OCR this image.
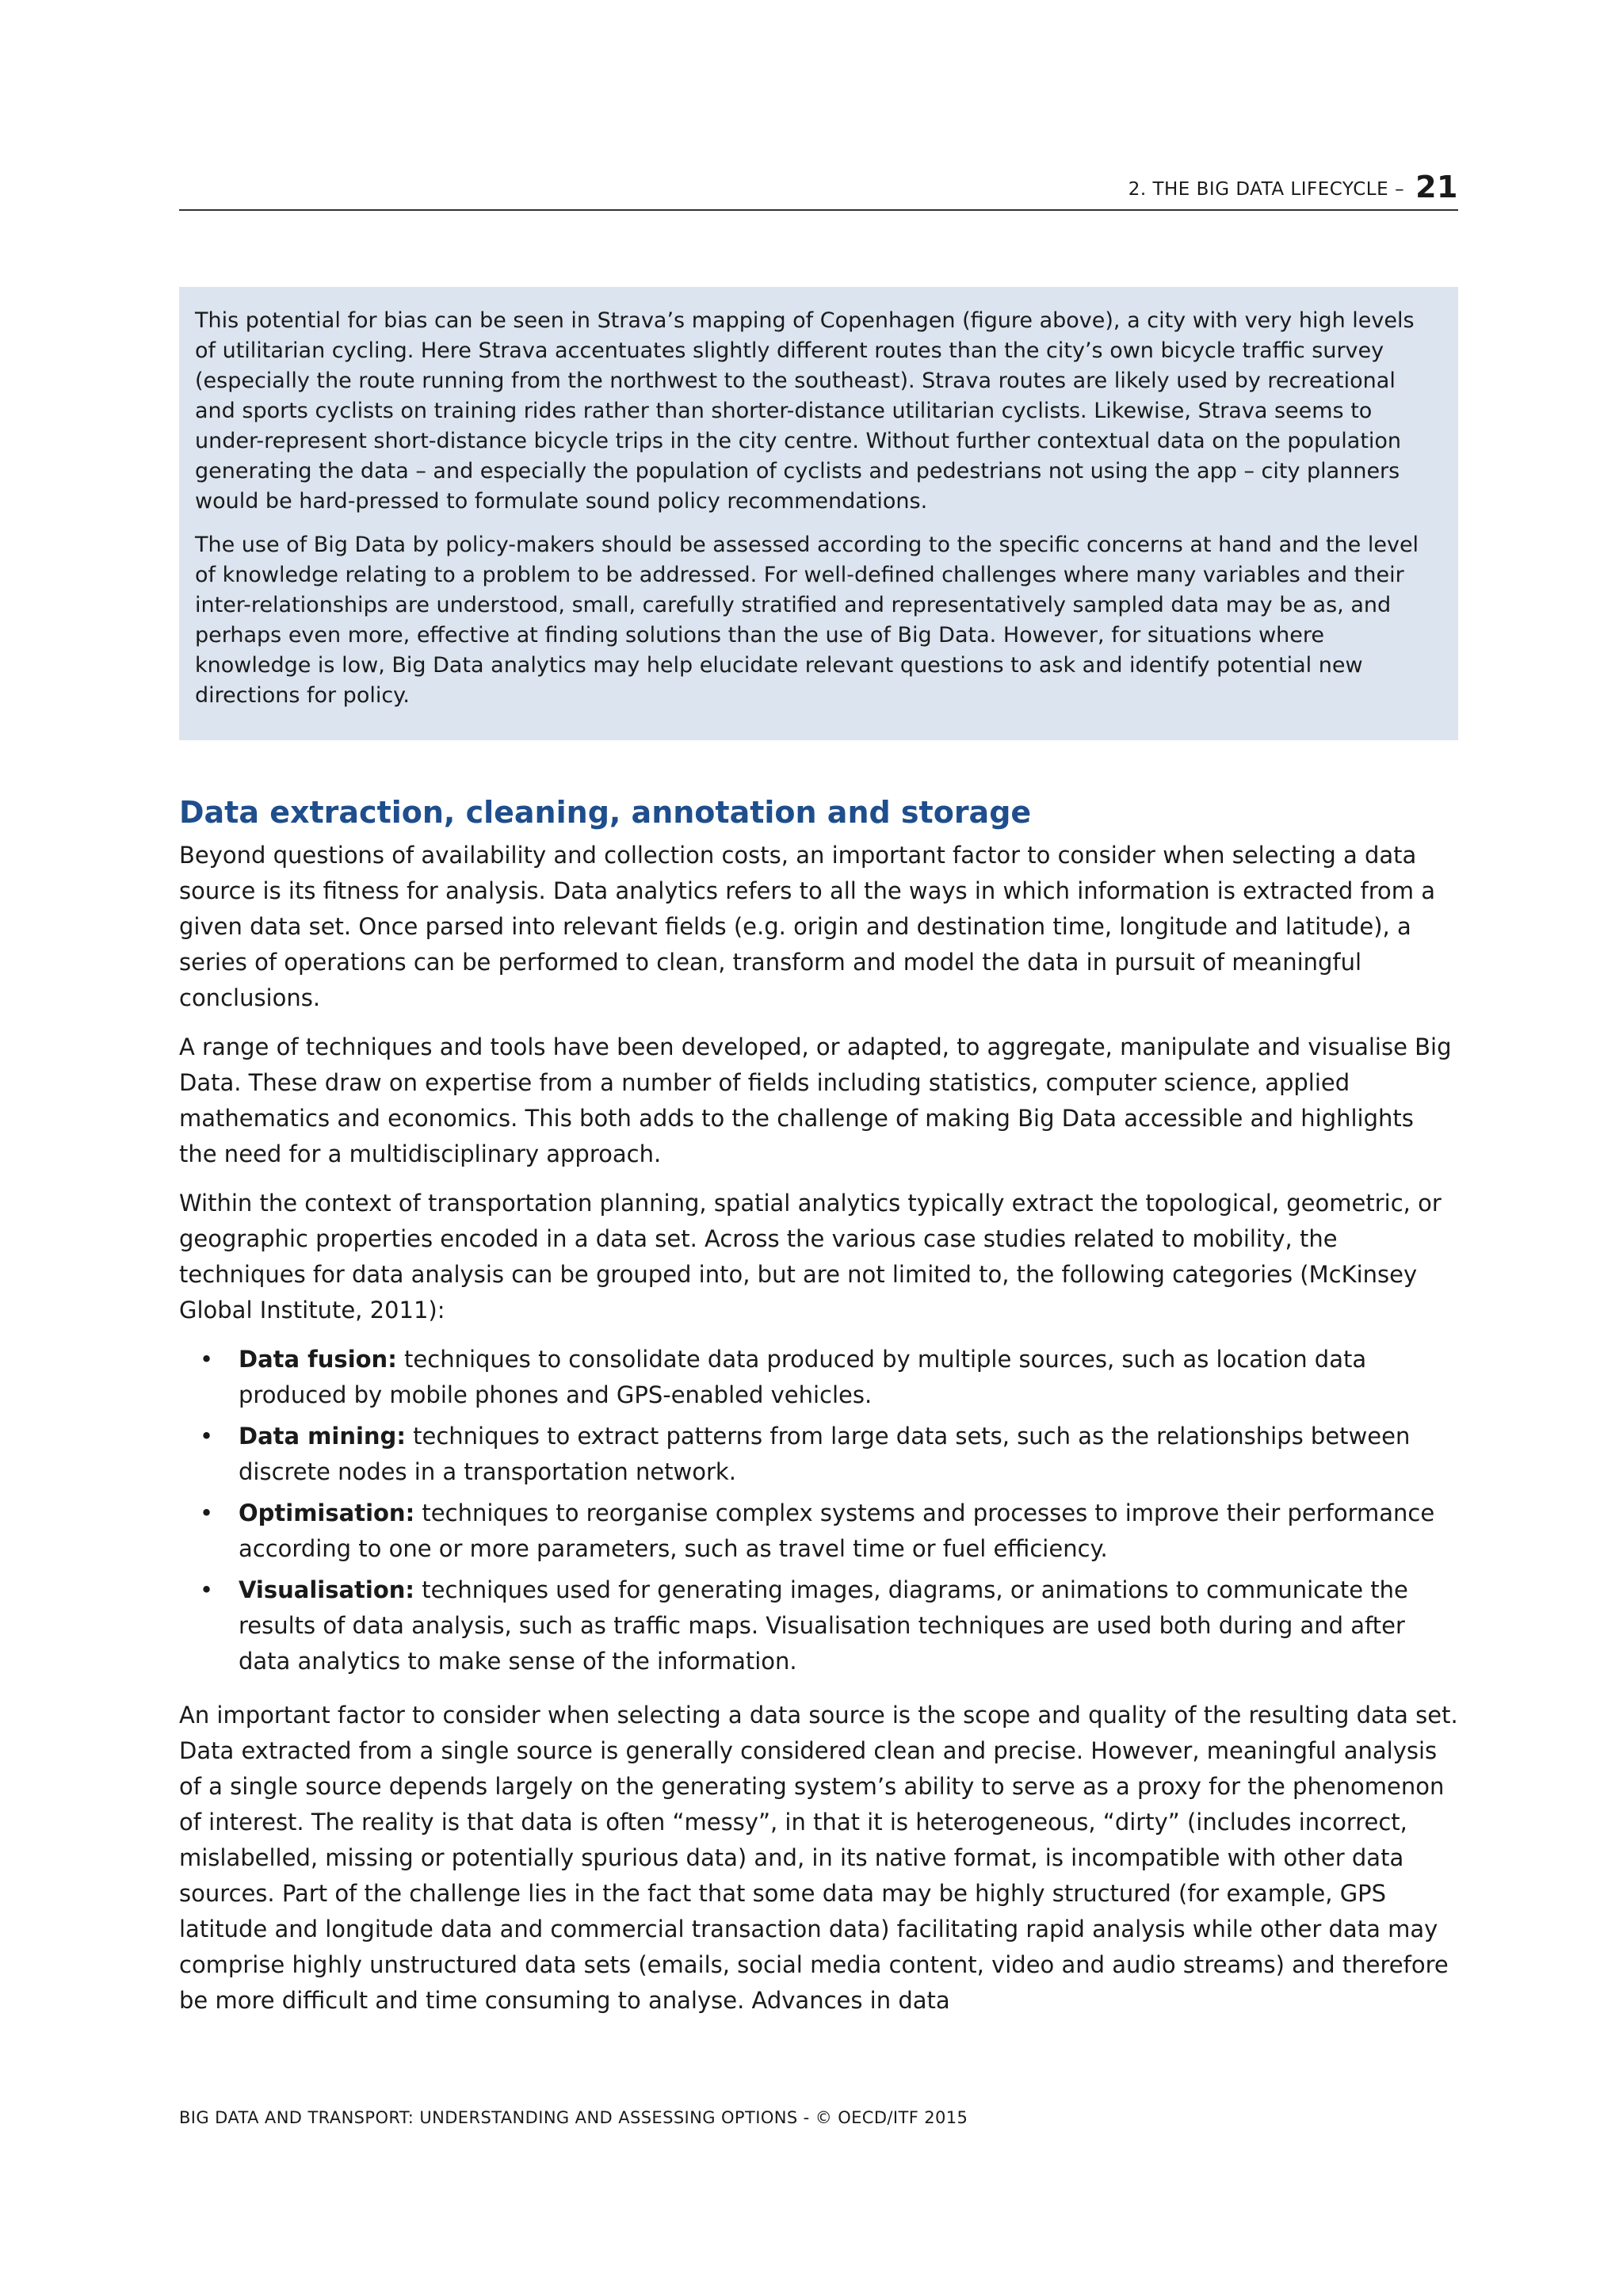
2. THE BIG DATA LIFECYCLE – 21

This potential for bias can be seen in Strava’s mapping of Copenhagen (figure above), a city with very high levels of utilitarian cycling. Here Strava accentuates slightly different routes than the city’s own bicycle traffic survey (especially the route running from the northwest to the southeast). Strava routes are likely used by recreational and sports cyclists on training rides rather than shorter-distance utilitarian cyclists. Likewise, Strava seems to under-represent short-distance bicycle trips in the city centre. Without further contextual data on the population generating the data – and especially the population of cyclists and pedestrians not using the app – city planners would be hard-pressed to formulate sound policy recommendations.

The use of Big Data by policy-makers should be assessed according to the specific concerns at hand and the level of knowledge relating to a problem to be addressed. For well-defined challenges where many variables and their inter-relationships are understood, small, carefully stratified and representatively sampled data may be as, and perhaps even more, effective at finding solutions than the use of Big Data. However, for situations where knowledge is low, Big Data analytics may help elucidate relevant questions to ask and identify potential new directions for policy.

Data extraction, cleaning, annotation and storage

Beyond questions of availability and collection costs, an important factor to consider when selecting a data source is its fitness for analysis. Data analytics refers to all the ways in which information is extracted from a given data set. Once parsed into relevant fields (e.g. origin and destination time, longitude and latitude), a series of operations can be performed to clean, transform and model the data in pursuit of meaningful conclusions.

A range of techniques and tools have been developed, or adapted, to aggregate, manipulate and visualise Big Data. These draw on expertise from a number of fields including statistics, computer science, applied mathematics and economics. This both adds to the challenge of making Big Data accessible and highlights the need for a multidisciplinary approach.

Within the context of transportation planning, spatial analytics typically extract the topological, geometric, or geographic properties encoded in a data set. Across the various case studies related to mobility, the techniques for data analysis can be grouped into, but are not limited to, the following categories (McKinsey Global Institute, 2011):

• Data fusion: techniques to consolidate data produced by multiple sources, such as location data produced by mobile phones and GPS-enabled vehicles.
• Data mining: techniques to extract patterns from large data sets, such as the relationships between discrete nodes in a transportation network.
• Optimisation: techniques to reorganise complex systems and processes to improve their performance according to one or more parameters, such as travel time or fuel efficiency.
• Visualisation: techniques used for generating images, diagrams, or animations to communicate the results of data analysis, such as traffic maps. Visualisation techniques are used both during and after data analytics to make sense of the information.

An important factor to consider when selecting a data source is the scope and quality of the resulting data set. Data extracted from a single source is generally considered clean and precise. However, meaningful analysis of a single source depends largely on the generating system’s ability to serve as a proxy for the phenomenon of interest. The reality is that data is often “messy”, in that it is heterogeneous, “dirty” (includes incorrect, mislabelled, missing or potentially spurious data) and, in its native format, is incompatible with other data sources. Part of the challenge lies in the fact that some data may be highly structured (for example, GPS latitude and longitude data and commercial transaction data) facilitating rapid analysis while other data may comprise highly unstructured data sets (emails, social media content, video and audio streams) and therefore be more difficult and time consuming to analyse. Advances in data

BIG DATA AND TRANSPORT: UNDERSTANDING AND ASSESSING OPTIONS - © OECD/ITF 2015
